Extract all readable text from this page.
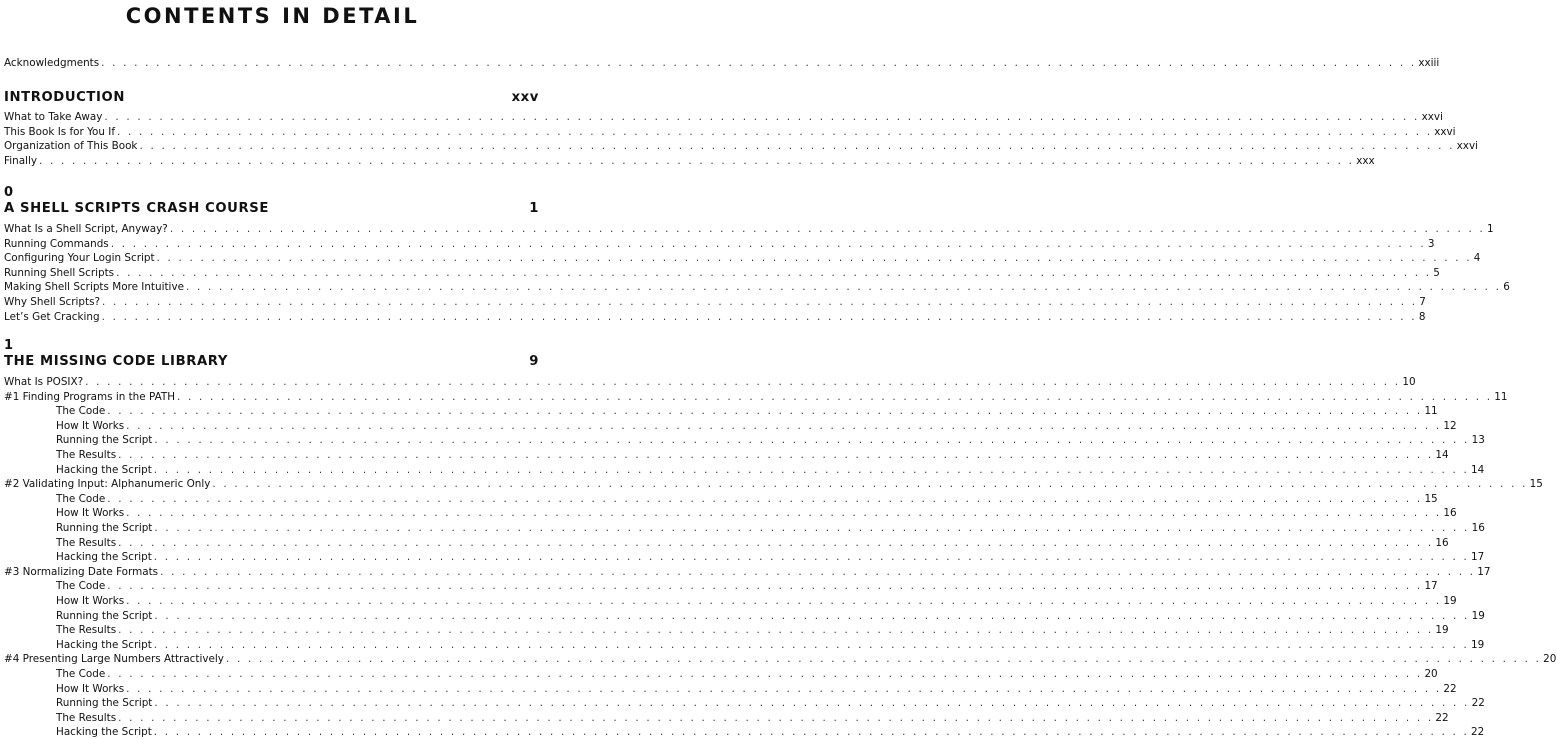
CONTENTS IN DETAIL
Acknowledgments . . . . . . . . . . . . . . . . . . . . . . . . . . . . . . . . . . . . . . . . . . . . . . . . . . . . . . . . . . . . . . . . . . . . . . . . . . . . . . . . . . . . . . . . . . . . . . . . . . . . . . . . . . . . . . . . . . . . . . . . xxiii
INTRODUCTION	xxv
What to Take Away . . . . . . . . . . . . . . . . . . . . . . . . . . . . . . . . . . . . . . . . . . . . . . . . . . . . . . . . . . . . . . . . . . . . . . . . . . . . . . . . . . . . . . . . . . . . . . . . . . . . . . . . . . . . . . . . . . . . . . . . xxvi
This Book Is for You If . . . . . . . . . . . . . . . . . . . . . . . . . . . . . . . . . . . . . . . . . . . . . . . . . . . . . . . . . . . . . . . . . . . . . . . . . . . . . . . . . . . . . . . . . . . . . . . . . . . . . . . . . . . . . . . . . . . . . . . . xxvi
Organization of This Book . . . . . . . . . . . . . . . . . . . . . . . . . . . . . . . . . . . . . . . . . . . . . . . . . . . . . . . . . . . . . . . . . . . . . . . . . . . . . . . . . . . . . . . . . . . . . . . . . . . . . . . . . . . . . . . . . . . . . . . . xxvi
Finally . . . . . . . . . . . . . . . . . . . . . . . . . . . . . . . . . . . . . . . . . . . . . . . . . . . . . . . . . . . . . . . . . . . . . . . . . . . . . . . . . . . . . . . . . . . . . . . . . . . . . . . . . . . . . . . . . . . . . . . . xxx
0
A SHELL SCRIPTS CRASH COURSE	1
What Is a Shell Script, Anyway? . . . . . . . . . . . . . . . . . . . . . . . . . . . . . . . . . . . . . . . . . . . . . . . . . . . . . . . . . . . . . . . . . . . . . . . . . . . . . . . . . . . . . . . . . . . . . . . . . . . . . . . . . . . . . . . . . . . . . . . . 1
Running Commands . . . . . . . . . . . . . . . . . . . . . . . . . . . . . . . . . . . . . . . . . . . . . . . . . . . . . . . . . . . . . . . . . . . . . . . . . . . . . . . . . . . . . . . . . . . . . . . . . . . . . . . . . . . . . . . . . . . . . . . . 3
Configuring Your Login Script . . . . . . . . . . . . . . . . . . . . . . . . . . . . . . . . . . . . . . . . . . . . . . . . . . . . . . . . . . . . . . . . . . . . . . . . . . . . . . . . . . . . . . . . . . . . . . . . . . . . . . . . . . . . . . . . . . . . . . . . 4
Running Shell Scripts . . . . . . . . . . . . . . . . . . . . . . . . . . . . . . . . . . . . . . . . . . . . . . . . . . . . . . . . . . . . . . . . . . . . . . . . . . . . . . . . . . . . . . . . . . . . . . . . . . . . . . . . . . . . . . . . . . . . . . . . 5
Making Shell Scripts More Intuitive . . . . . . . . . . . . . . . . . . . . . . . . . . . . . . . . . . . . . . . . . . . . . . . . . . . . . . . . . . . . . . . . . . . . . . . . . . . . . . . . . . . . . . . . . . . . . . . . . . . . . . . . . . . . . . . . . . . . . . . . 6
Why Shell Scripts? . . . . . . . . . . . . . . . . . . . . . . . . . . . . . . . . . . . . . . . . . . . . . . . . . . . . . . . . . . . . . . . . . . . . . . . . . . . . . . . . . . . . . . . . . . . . . . . . . . . . . . . . . . . . . . . . . . . . . . . . 7
Let’s Get Cracking . . . . . . . . . . . . . . . . . . . . . . . . . . . . . . . . . . . . . . . . . . . . . . . . . . . . . . . . . . . . . . . . . . . . . . . . . . . . . . . . . . . . . . . . . . . . . . . . . . . . . . . . . . . . . . . . . . . . . . . . 8
1
THE MISSING CODE LIBRARY	9
What Is POSIX? . . . . . . . . . . . . . . . . . . . . . . . . . . . . . . . . . . . . . . . . . . . . . . . . . . . . . . . . . . . . . . . . . . . . . . . . . . . . . . . . . . . . . . . . . . . . . . . . . . . . . . . . . . . . . . . . . . . . . . . . 10
#1 Finding Programs in the PATH . . . . . . . . . . . . . . . . . . . . . . . . . . . . . . . . . . . . . . . . . . . . . . . . . . . . . . . . . . . . . . . . . . . . . . . . . . . . . . . . . . . . . . . . . . . . . . . . . . . . . . . . . . . . . . . . . . . . . . . . 11
The Code . . . . . . . . . . . . . . . . . . . . . . . . . . . . . . . . . . . . . . . . . . . . . . . . . . . . . . . . . . . . . . . . . . . . . . . . . . . . . . . . . . . . . . . . . . . . . . . . . . . . . . . . . . . . . . . . . . . . . . . . 11
How It Works . . . . . . . . . . . . . . . . . . . . . . . . . . . . . . . . . . . . . . . . . . . . . . . . . . . . . . . . . . . . . . . . . . . . . . . . . . . . . . . . . . . . . . . . . . . . . . . . . . . . . . . . . . . . . . . . . . . . . . . . 12
Running the Script . . . . . . . . . . . . . . . . . . . . . . . . . . . . . . . . . . . . . . . . . . . . . . . . . . . . . . . . . . . . . . . . . . . . . . . . . . . . . . . . . . . . . . . . . . . . . . . . . . . . . . . . . . . . . . . . . . . . . . . . 13
The Results . . . . . . . . . . . . . . . . . . . . . . . . . . . . . . . . . . . . . . . . . . . . . . . . . . . . . . . . . . . . . . . . . . . . . . . . . . . . . . . . . . . . . . . . . . . . . . . . . . . . . . . . . . . . . . . . . . . . . . . . 14
Hacking the Script . . . . . . . . . . . . . . . . . . . . . . . . . . . . . . . . . . . . . . . . . . . . . . . . . . . . . . . . . . . . . . . . . . . . . . . . . . . . . . . . . . . . . . . . . . . . . . . . . . . . . . . . . . . . . . . . . . . . . . . . 14
#2 Validating Input: Alphanumeric Only . . . . . . . . . . . . . . . . . . . . . . . . . . . . . . . . . . . . . . . . . . . . . . . . . . . . . . . . . . . . . . . . . . . . . . . . . . . . . . . . . . . . . . . . . . . . . . . . . . . . . . . . . . . . . . . . . . . . . . . . 15
The Code . . . . . . . . . . . . . . . . . . . . . . . . . . . . . . . . . . . . . . . . . . . . . . . . . . . . . . . . . . . . . . . . . . . . . . . . . . . . . . . . . . . . . . . . . . . . . . . . . . . . . . . . . . . . . . . . . . . . . . . . 15
How It Works . . . . . . . . . . . . . . . . . . . . . . . . . . . . . . . . . . . . . . . . . . . . . . . . . . . . . . . . . . . . . . . . . . . . . . . . . . . . . . . . . . . . . . . . . . . . . . . . . . . . . . . . . . . . . . . . . . . . . . . . 16
Running the Script . . . . . . . . . . . . . . . . . . . . . . . . . . . . . . . . . . . . . . . . . . . . . . . . . . . . . . . . . . . . . . . . . . . . . . . . . . . . . . . . . . . . . . . . . . . . . . . . . . . . . . . . . . . . . . . . . . . . . . . . 16
The Results . . . . . . . . . . . . . . . . . . . . . . . . . . . . . . . . . . . . . . . . . . . . . . . . . . . . . . . . . . . . . . . . . . . . . . . . . . . . . . . . . . . . . . . . . . . . . . . . . . . . . . . . . . . . . . . . . . . . . . . . 16
Hacking the Script . . . . . . . . . . . . . . . . . . . . . . . . . . . . . . . . . . . . . . . . . . . . . . . . . . . . . . . . . . . . . . . . . . . . . . . . . . . . . . . . . . . . . . . . . . . . . . . . . . . . . . . . . . . . . . . . . . . . . . . . 17
#3 Normalizing Date Formats . . . . . . . . . . . . . . . . . . . . . . . . . . . . . . . . . . . . . . . . . . . . . . . . . . . . . . . . . . . . . . . . . . . . . . . . . . . . . . . . . . . . . . . . . . . . . . . . . . . . . . . . . . . . . . . . . . . . . . . . 17
The Code . . . . . . . . . . . . . . . . . . . . . . . . . . . . . . . . . . . . . . . . . . . . . . . . . . . . . . . . . . . . . . . . . . . . . . . . . . . . . . . . . . . . . . . . . . . . . . . . . . . . . . . . . . . . . . . . . . . . . . . . 17
How It Works . . . . . . . . . . . . . . . . . . . . . . . . . . . . . . . . . . . . . . . . . . . . . . . . . . . . . . . . . . . . . . . . . . . . . . . . . . . . . . . . . . . . . . . . . . . . . . . . . . . . . . . . . . . . . . . . . . . . . . . . 19
Running the Script . . . . . . . . . . . . . . . . . . . . . . . . . . . . . . . . . . . . . . . . . . . . . . . . . . . . . . . . . . . . . . . . . . . . . . . . . . . . . . . . . . . . . . . . . . . . . . . . . . . . . . . . . . . . . . . . . . . . . . . . 19
The Results . . . . . . . . . . . . . . . . . . . . . . . . . . . . . . . . . . . . . . . . . . . . . . . . . . . . . . . . . . . . . . . . . . . . . . . . . . . . . . . . . . . . . . . . . . . . . . . . . . . . . . . . . . . . . . . . . . . . . . . . 19
Hacking the Script . . . . . . . . . . . . . . . . . . . . . . . . . . . . . . . . . . . . . . . . . . . . . . . . . . . . . . . . . . . . . . . . . . . . . . . . . . . . . . . . . . . . . . . . . . . . . . . . . . . . . . . . . . . . . . . . . . . . . . . . 19
#4 Presenting Large Numbers Attractively . . . . . . . . . . . . . . . . . . . . . . . . . . . . . . . . . . . . . . . . . . . . . . . . . . . . . . . . . . . . . . . . . . . . . . . . . . . . . . . . . . . . . . . . . . . . . . . . . . . . . . . . . . . . . . . . . . . . . . . . 20
The Code . . . . . . . . . . . . . . . . . . . . . . . . . . . . . . . . . . . . . . . . . . . . . . . . . . . . . . . . . . . . . . . . . . . . . . . . . . . . . . . . . . . . . . . . . . . . . . . . . . . . . . . . . . . . . . . . . . . . . . . . 20
How It Works . . . . . . . . . . . . . . . . . . . . . . . . . . . . . . . . . . . . . . . . . . . . . . . . . . . . . . . . . . . . . . . . . . . . . . . . . . . . . . . . . . . . . . . . . . . . . . . . . . . . . . . . . . . . . . . . . . . . . . . . 22
Running the Script . . . . . . . . . . . . . . . . . . . . . . . . . . . . . . . . . . . . . . . . . . . . . . . . . . . . . . . . . . . . . . . . . . . . . . . . . . . . . . . . . . . . . . . . . . . . . . . . . . . . . . . . . . . . . . . . . . . . . . . . 22
The Results . . . . . . . . . . . . . . . . . . . . . . . . . . . . . . . . . . . . . . . . . . . . . . . . . . . . . . . . . . . . . . . . . . . . . . . . . . . . . . . . . . . . . . . . . . . . . . . . . . . . . . . . . . . . . . . . . . . . . . . . 22
Hacking the Script . . . . . . . . . . . . . . . . . . . . . . . . . . . . . . . . . . . . . . . . . . . . . . . . . . . . . . . . . . . . . . . . . . . . . . . . . . . . . . . . . . . . . . . . . . . . . . . . . . . . . . . . . . . . . . . . . . . . . . . . 22
